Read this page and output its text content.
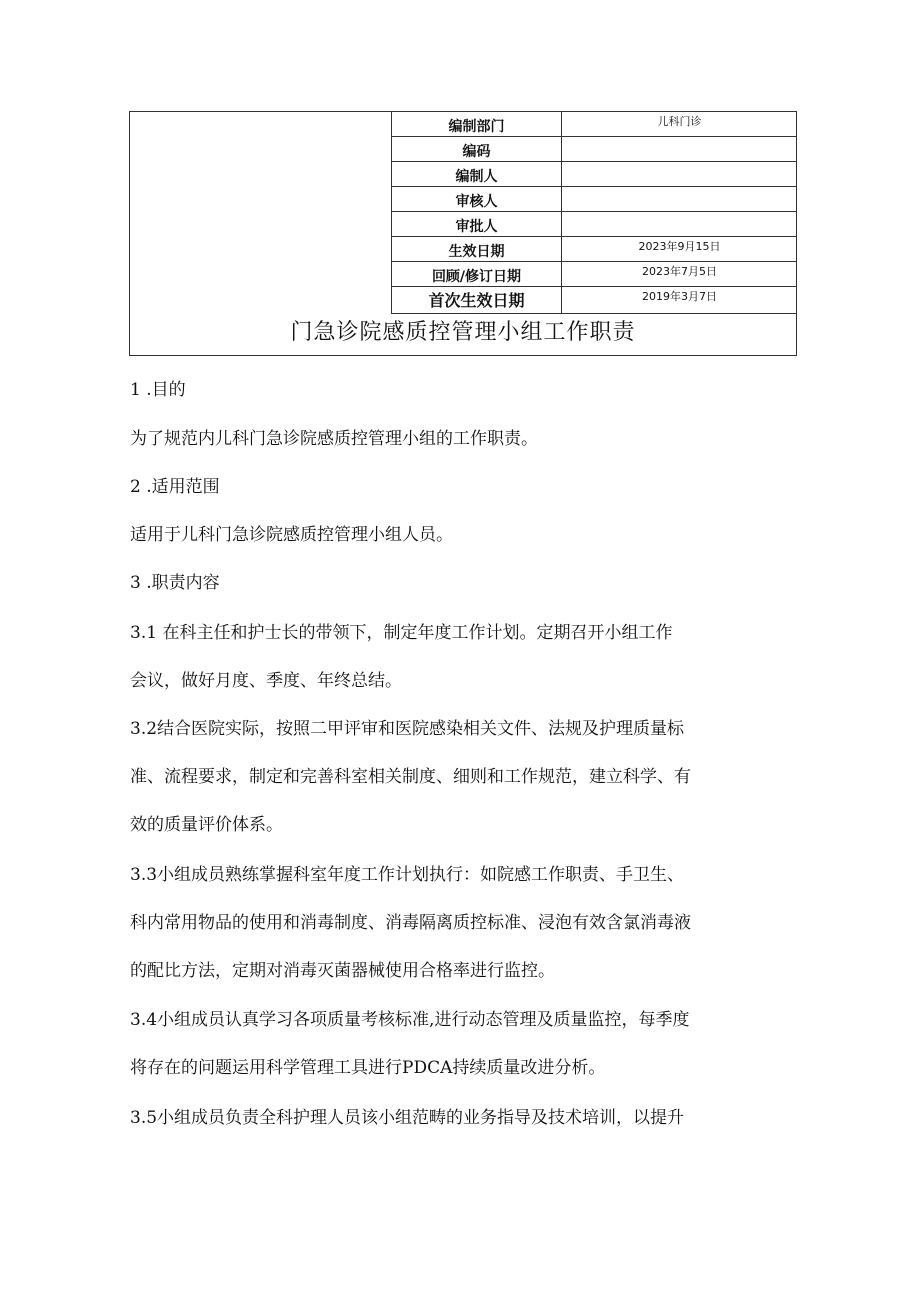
编制部门	儿科门诊
编码
编制人
审核人
审批人
生效日期	2023年9月15日
回顾/修订日期	2023年7月5日
首次生效日期	2019年3月7日
门急诊院感质控管理小组工作职责

1 .目的

为了规范内儿科门急诊院感质控管理小组的工作职责。

2 .适用范围

适用于儿科门急诊院感质控管理小组人员。

3 .职责内容

3.1 在科主任和护士长的带领下，制定年度工作计划。定期召开小组工作

会议，做好月度、季度、年终总结。

3.2结合医院实际，按照二甲评审和医院感染相关文件、法规及护理质量标

准、流程要求，制定和完善科室相关制度、细则和工作规范，建立科学、有

效的质量评价体系。

3.3小组成员熟练掌握科室年度工作计划执行：如院感工作职责、手卫生、

科内常用物品的使用和消毒制度、消毒隔离质控标准、浸泡有效含氯消毒液

的配比方法，定期对消毒灭菌器械使用合格率进行监控。

3.4小组成员认真学习各项质量考核标准,进行动态管理及质量监控，每季度

将存在的问题运用科学管理工具进行PDCA持续质量改进分析。

3.5小组成员负责全科护理人员该小组范畴的业务指导及技术培训，以提升
